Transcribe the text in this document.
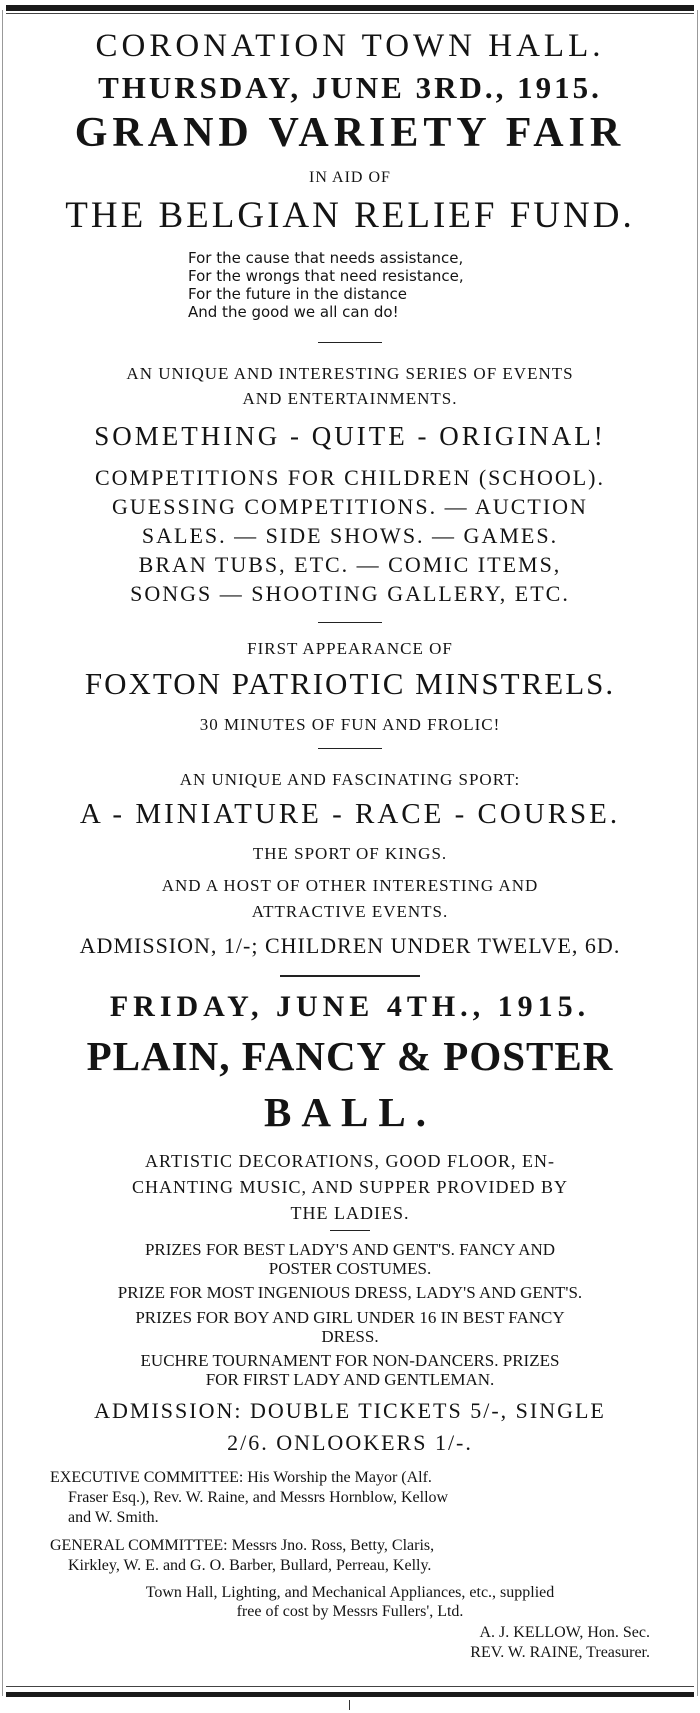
CORONATION TOWN HALL.
THURSDAY, JUNE 3RD., 1915.
GRAND VARIETY FAIR
IN AID OF
THE BELGIAN RELIEF FUND.
For the cause that needs assistance,
For the wrongs that need resistance,
For the future in the distance
And the good we all can do!
AN UNIQUE AND INTERESTING SERIES OF EVENTS
AND ENTERTAINMENTS.
SOMETHING - QUITE - ORIGINAL!
COMPETITIONS FOR CHILDREN (SCHOOL).
GUESSING COMPETITIONS. — AUCTION
SALES. — SIDE SHOWS. — GAMES.
BRAN TUBS, ETC. — COMIC ITEMS,
SONGS — SHOOTING GALLERY, ETC.
FIRST APPEARANCE OF
FOXTON PATRIOTIC MINSTRELS.
30 MINUTES OF FUN AND FROLIC!
AN UNIQUE AND FASCINATING SPORT:
A - MINIATURE - RACE - COURSE.
THE SPORT OF KINGS.
AND A HOST OF OTHER INTERESTING AND
ATTRACTIVE EVENTS.
ADMISSION, 1/-; CHILDREN UNDER TWELVE, 6D.
FRIDAY, JUNE 4TH., 1915.
PLAIN, FANCY & POSTER
BALL.
ARTISTIC DECORATIONS, GOOD FLOOR, EN-
CHANTING MUSIC, AND SUPPER PROVIDED BY
THE LADIES.
PRIZES FOR BEST LADY'S AND GENT'S. FANCY AND
POSTER COSTUMES.
PRIZE FOR MOST INGENIOUS DRESS, LADY'S AND GENT'S.
PRIZES FOR BOY AND GIRL UNDER 16 IN BEST FANCY
DRESS.
EUCHRE TOURNAMENT FOR NON-DANCERS. PRIZES
FOR FIRST LADY AND GENTLEMAN.
ADMISSION: DOUBLE TICKETS 5/-, SINGLE
2/6. ONLOOKERS 1/-.
EXECUTIVE COMMITTEE: His Worship the Mayor (Alf.
Fraser Esq.), Rev. W. Raine, and Messrs Hornblow, Kellow
and W. Smith.
GENERAL COMMITTEE: Messrs Jno. Ross, Betty, Claris,
Kirkley, W. E. and G. O. Barber, Bullard, Perreau, Kelly.
Town Hall, Lighting, and Mechanical Appliances, etc., supplied
free of cost by Messrs Fullers', Ltd.
A. J. KELLOW, Hon. Sec.
REV. W. RAINE, Treasurer.
